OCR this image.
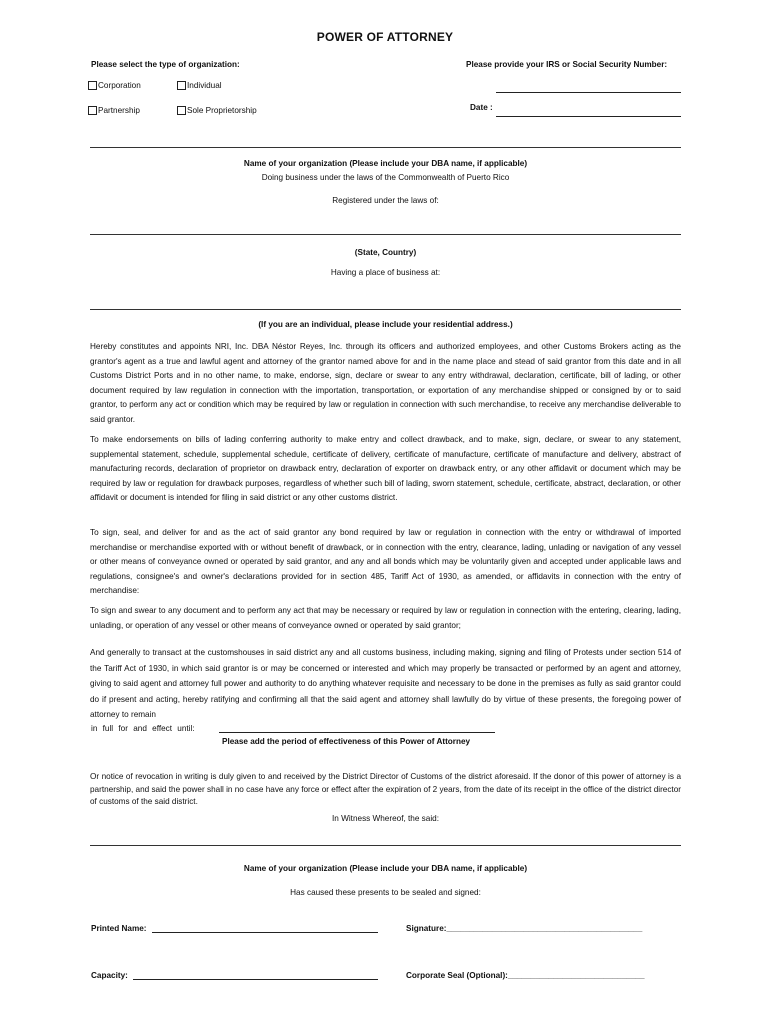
POWER OF ATTORNEY
Please select the type of organization:	Please provide your IRS or Social Security Number:
Corporation	Individual
Partnership	Sole Proprietorship	Date :
Name of your organization (Please include your DBA name, if applicable)
Doing business under the laws of the Commonwealth of Puerto Rico
Registered under the laws of:
(State, Country)
Having a place of business at:
(If you are an individual, please include your residential address.)

Hereby constitutes and appoints NRI, Inc. DBA Néstor Reyes, Inc. through its officers and authorized employees, and other Customs Brokers acting as the grantor's agent as a true and lawful agent and attorney of the grantor named above for and in the name place and stead of said grantor from this date and in all Customs District Ports and in no other name, to make, endorse, sign, declare or swear to any entry withdrawal, declaration, certificate, bill of lading, or other document required by law regulation in connection with the importation, transportation, or exportation of any merchandise shipped or consigned by or to said grantor, to perform any act or condition which may be required by law or regulation in connection with such merchandise, to receive any merchandise deliverable to said grantor.

To make endorsements on bills of lading conferring authority to make entry and collect drawback, and to make, sign, declare, or swear to any statement, supplemental statement, schedule, supplemental schedule, certificate of delivery, certificate of manufacture, certificate of manufacture and delivery, abstract of manufacturing records, declaration of proprietor on drawback entry, declaration of exporter on drawback entry, or any other affidavit or document which may be required by law or regulation for drawback purposes, regardless of whether such bill of lading, sworn statement, schedule, certificate, abstract, declaration, or other affidavit or document is intended for filing in said district or any other customs district.

To sign, seal, and deliver for and as the act of said grantor any bond required by law or regulation in connection with the entry or withdrawal of imported merchandise or merchandise exported with or without benefit of drawback, or in connection with the entry, clearance, lading, unlading or navigation of any vessel or other means of conveyance owned or operated by said grantor, and any and all bonds which may be voluntarily given and accepted under applicable laws and regulations, consignee's and owner's declarations provided for in section 485, Tariff Act of 1930, as amended, or affidavits in connection with the entry of merchandise:

To sign and swear to any document and to perform any act that may be necessary or required by law or regulation in connection with the entering, clearing, lading, unlading, or operation of any vessel or other means of conveyance owned or operated by said grantor;

And generally to transact at the customshouses in said district any and all customs business, including making, signing and filing of Protests under section 514 of the Tariff Act of 1930, in which said grantor is or may be concerned or interested and which may properly be transacted or performed by an agent and attorney, giving to said agent and attorney full power and authority to do anything whatever requisite and necessary to be done in the premises as fully as said grantor could do if present and acting, hereby ratifying and confirming all that the said agent and attorney shall lawfully do by virtue of these presents, the foregoing power of attorney to remain

in full for and effect until:
Please add the period of effectiveness of this Power of Attorney

Or notice of revocation in writing is duly given to and received by the District Director of Customs of the district aforesaid. If the donor of this power of attorney is a partnership, and said the power shall in no case have any force or effect after the expiration of 2 years, from the date of its receipt in the office of the district director of customs of the said district.

In Witness Whereof, the said:
Name of your organization (Please include your DBA name, if applicable)
Has caused these presents to be sealed and signed:
Printed Name:	Signature:___________________________________________
Capacity:	Corporate Seal (Optional):______________________________
